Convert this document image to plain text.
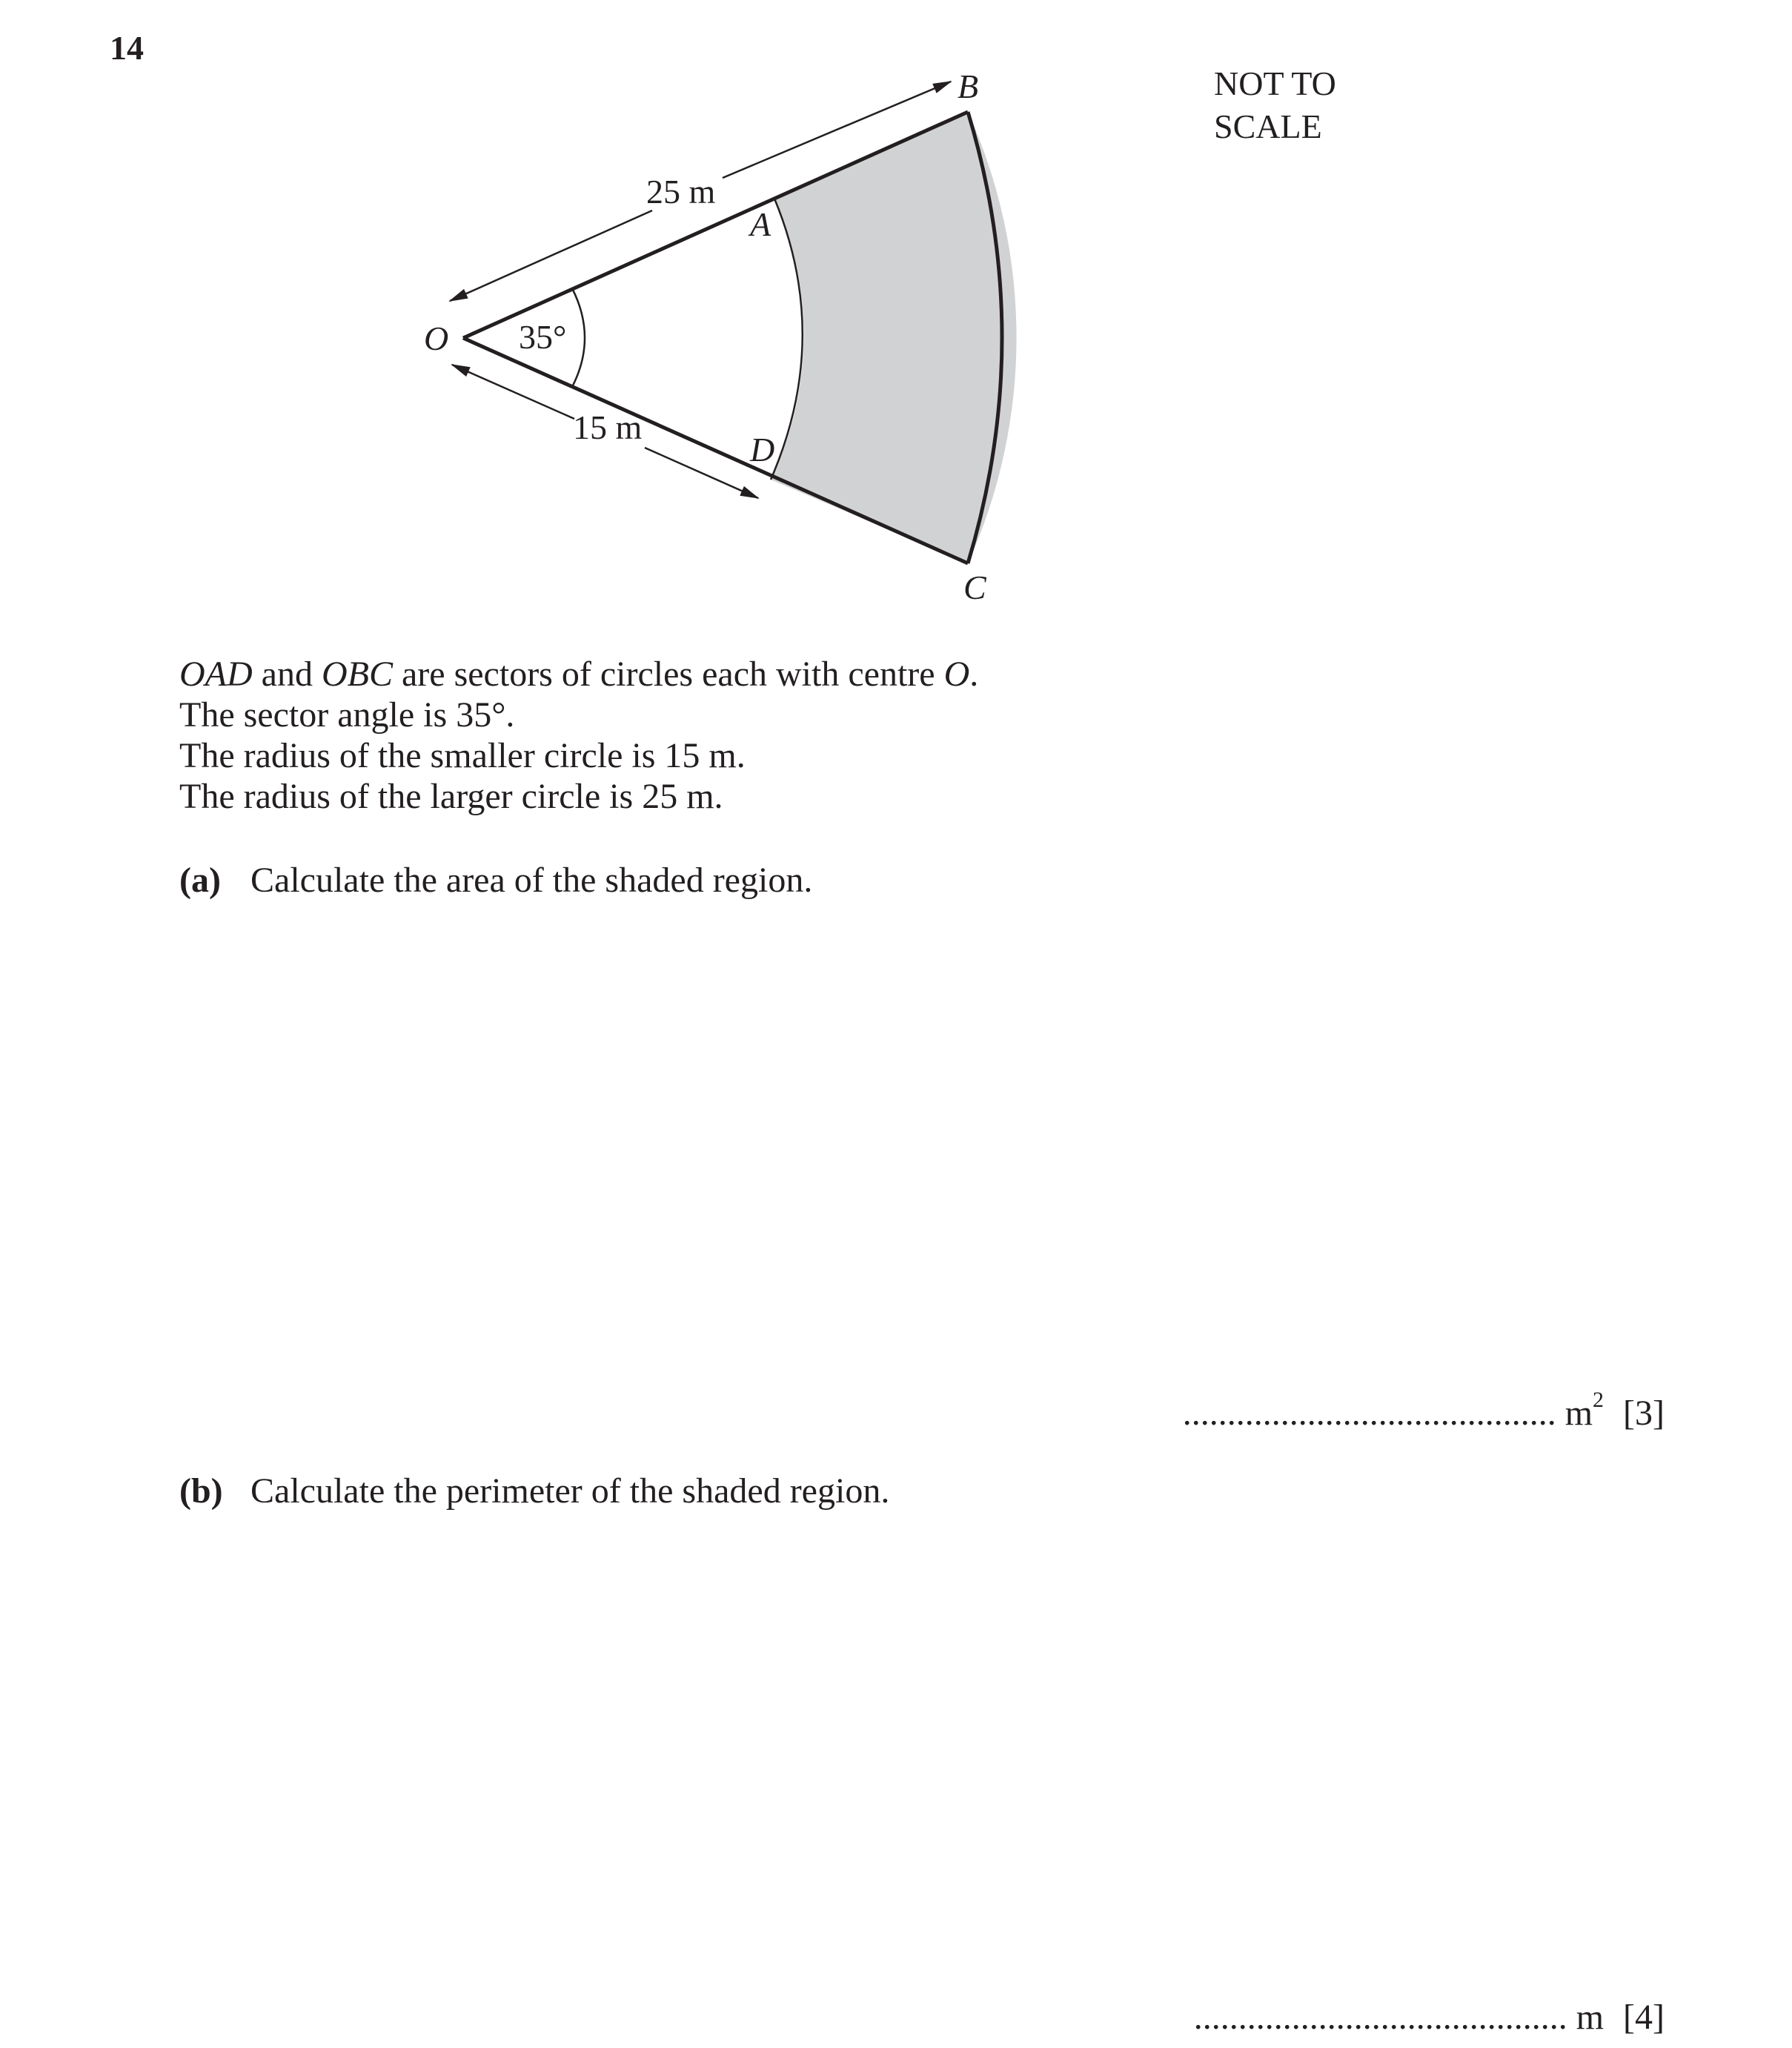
14
NOT TO
SCALE
O
A
B
C
D
25 m
15 m
35°
OAD and OBC are sectors of circles each with centre O.
The sector angle is 35°.
The radius of the smaller circle is 15 m.
The radius of the larger circle is 25 m.
(a) Calculate the area of the shaded region.
.......................................... $m^2$ [3]
(b) Calculate the perimeter of the shaded region.
.......................................... m [4]
